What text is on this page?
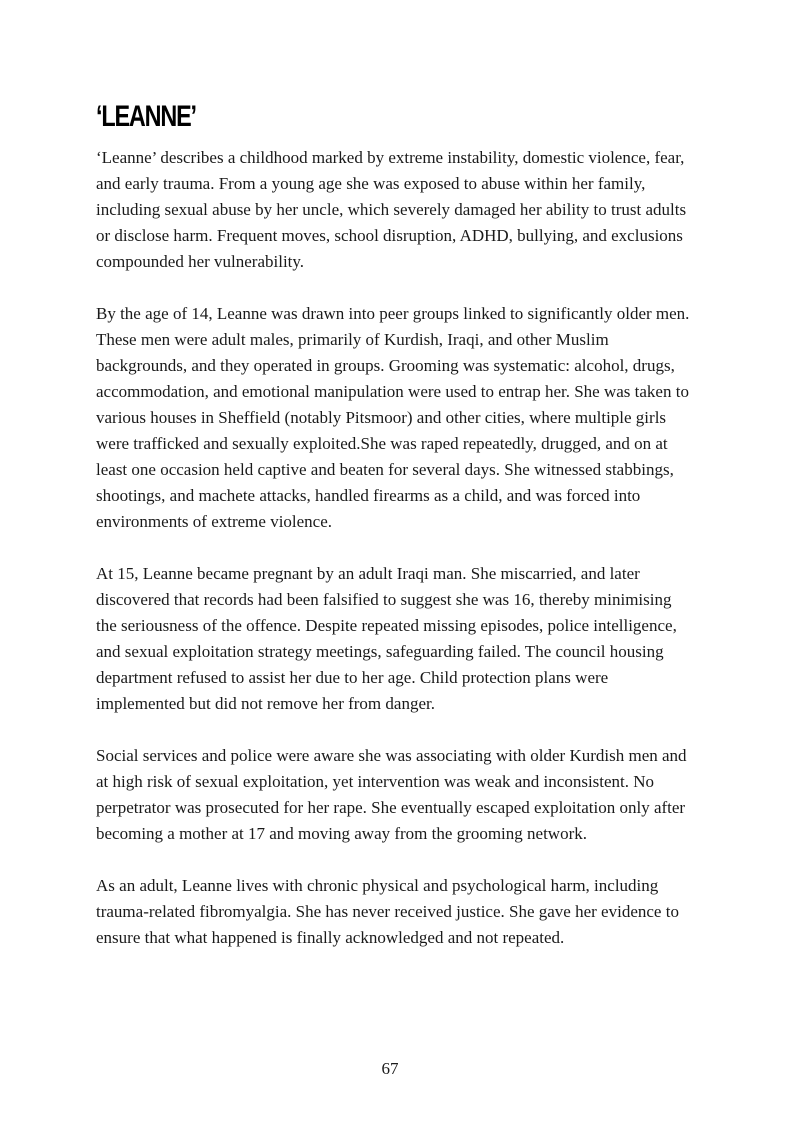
‘LEANNE’

‘Leanne’ describes a childhood marked by extreme instability, domestic violence, fear, and early trauma. From a young age she was exposed to abuse within her family, including sexual abuse by her uncle, which severely damaged her ability to trust adults or disclose harm. Frequent moves, school disruption, ADHD, bullying, and exclusions compounded her vulnerability.

By the age of 14, Leanne was drawn into peer groups linked to significantly older men. These men were adult males, primarily of Kurdish, Iraqi, and other Muslim backgrounds, and they operated in groups. Grooming was systematic: alcohol, drugs, accommodation, and emotional manipulation were used to entrap her. She was taken to various houses in Sheffield (notably Pitsmoor) and other cities, where multiple girls were trafficked and sexually exploited.She was raped repeatedly, drugged, and on at least one occasion held captive and beaten for several days. She witnessed stabbings, shootings, and machete attacks, handled firearms as a child, and was forced into environments of extreme violence.

At 15, Leanne became pregnant by an adult Iraqi man. She miscarried, and later discovered that records had been falsified to suggest she was 16, thereby minimising the seriousness of the offence. Despite repeated missing episodes, police intelligence, and sexual exploitation strategy meetings, safeguarding failed. The council housing department refused to assist her due to her age. Child protection plans were implemented but did not remove her from danger.

Social services and police were aware she was associating with older Kurdish men and at high risk of sexual exploitation, yet intervention was weak and inconsistent. No perpetrator was prosecuted for her rape. She eventually escaped exploitation only after becoming a mother at 17 and moving away from the grooming network.

As an adult, Leanne lives with chronic physical and psychological harm, including trauma-related fibromyalgia. She has never received justice. She gave her evidence to ensure that what happened is finally acknowledged and not repeated.

67
